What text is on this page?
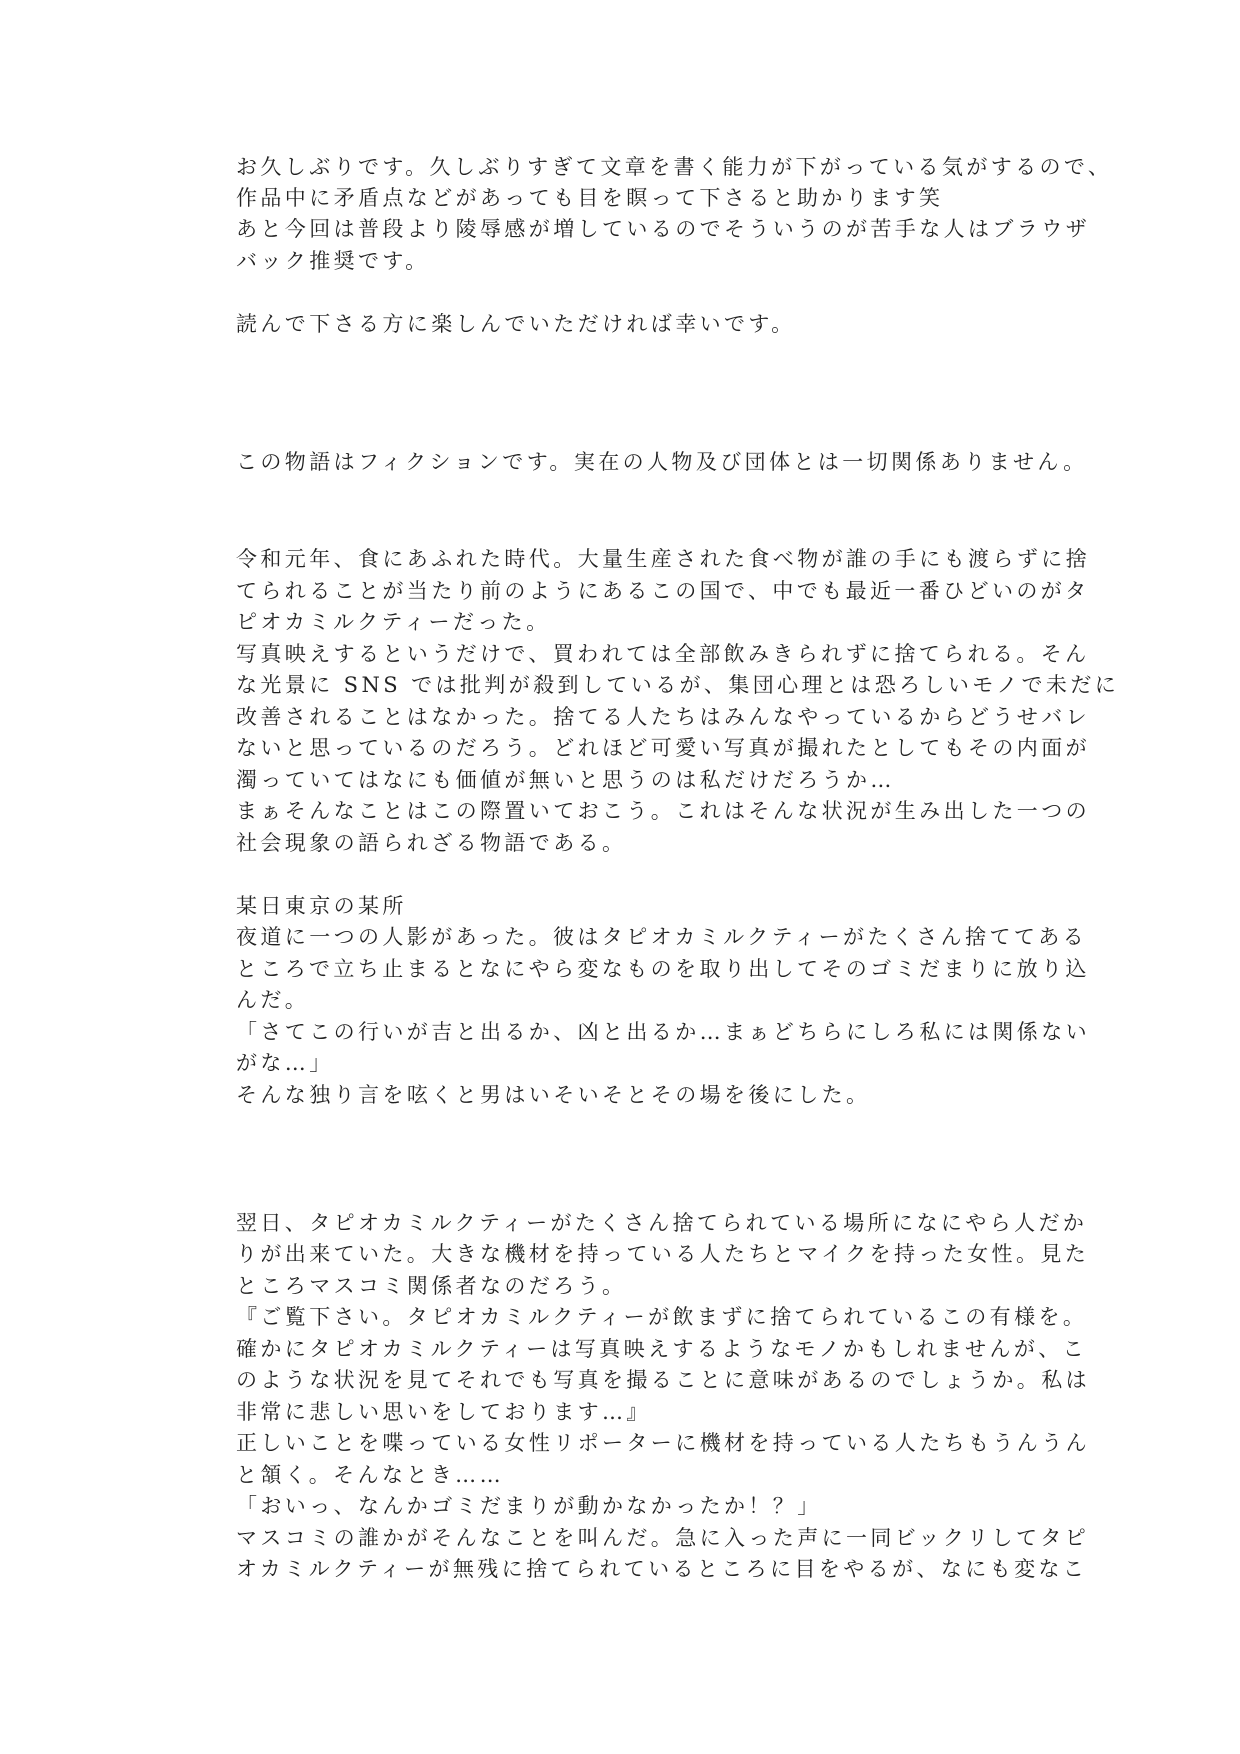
お久しぶりです。久しぶりすぎて文章を書く能力が下がっている気がするので、
作品中に矛盾点などがあっても目を瞑って下さると助かります笑
あと今回は普段より陵辱感が増しているのでそういうのが苦手な人はブラウザ
バック推奨です。
読んで下さる方に楽しんでいただければ幸いです。
この物語はフィクションです。実在の人物及び団体とは一切関係ありません。
令和元年、食にあふれた時代。大量生産された食べ物が誰の手にも渡らずに捨
てられることが当たり前のようにあるこの国で、中でも最近一番ひどいのがタ
ピオカミルクティーだった。
写真映えするというだけで、買われては全部飲みきられずに捨てられる。そん
な光景に SNS では批判が殺到しているが、集団心理とは恐ろしいモノで未だに
改善されることはなかった。捨てる人たちはみんなやっているからどうせバレ
ないと思っているのだろう。どれほど可愛い写真が撮れたとしてもその内面が
濁っていてはなにも価値が無いと思うのは私だけだろうか…
まぁそんなことはこの際置いておこう。これはそんな状況が生み出した一つの
社会現象の語られざる物語である。
某日東京の某所
夜道に一つの人影があった。彼はタピオカミルクティーがたくさん捨ててある
ところで立ち止まるとなにやら変なものを取り出してそのゴミだまりに放り込
んだ。
「さてこの行いが吉と出るか、凶と出るか…まぁどちらにしろ私には関係ない
がな…」
そんな独り言を呟くと男はいそいそとその場を後にした。
翌日、タピオカミルクティーがたくさん捨てられている場所になにやら人だか
りが出来ていた。大きな機材を持っている人たちとマイクを持った女性。見た
ところマスコミ関係者なのだろう。
『ご覧下さい。タピオカミルクティーが飲まずに捨てられているこの有様を。
確かにタピオカミルクティーは写真映えするようなモノかもしれませんが、こ
のような状況を見てそれでも写真を撮ることに意味があるのでしょうか。私は
非常に悲しい思いをしております…』
正しいことを喋っている女性リポーターに機材を持っている人たちもうんうん
と頷く。そんなとき……
「おいっ、なんかゴミだまりが動かなかったか！？」
マスコミの誰かがそんなことを叫んだ。急に入った声に一同ビックリしてタピ
オカミルクティーが無残に捨てられているところに目をやるが、なにも変なこ
